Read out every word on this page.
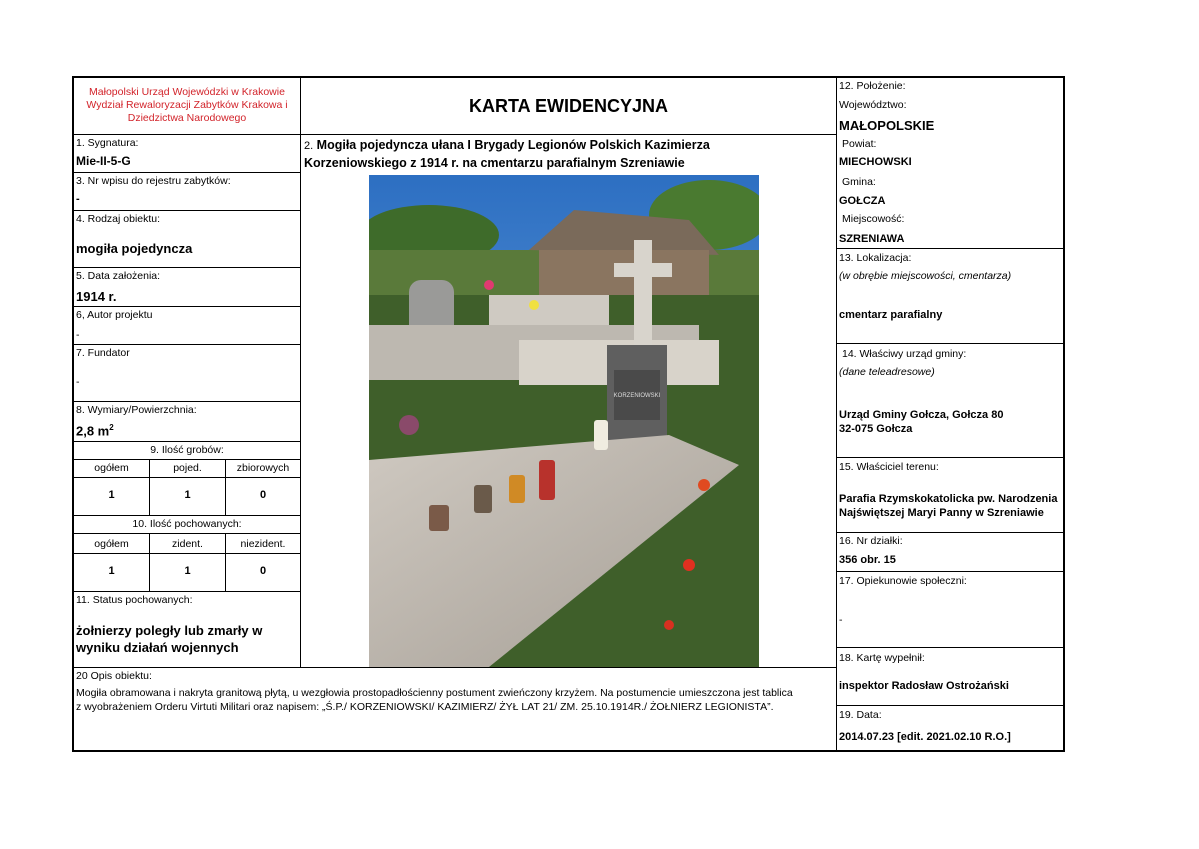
Małopolski Urząd Wojewódzki w Krakowie
Wydział Rewaloryzacji Zabytków Krakowa i
Dziedzictwa Narodowego
KARTA EWIDENCYJNA
1. Sygnatura:
Mie-II-5-G
3. Nr wpisu do rejestru zabytków:
-
4. Rodzaj obiektu:
mogiła pojedyncza
5. Data założenia:
1914 r.
6, Autor projektu
-
7. Fundator
-
8. Wymiary/Powierzchnia:
2,8 $m^2$
9. Ilość grobów:
ogółem	pojed.	zbiorowych
1	1	0
10. Ilość pochowanych:
ogółem	zident.	niezident.
1	1	0
11. Status pochowanych:
żołnierzy poległy lub zmarły w
wyniku działań wojennych
2. Mogiła pojedyncza ułana I Brygady Legionów Polskich Kazimierza
Korzeniowskiego z 1914 r. na cmentarzu parafialnym Szreniawie
KORZENIOWSKI
20 Opis obiektu:
Mogiła obramowana i nakryta granitową płytą, u wezgłowia prostopadłościenny postument zwieńczony krzyżem. Na postumencie umieszczona jest tablica
z wyobrażeniem Orderu Virtuti Militari oraz napisem: „Ś.P./ KORZENIOWSKI/ KAZIMIERZ/ ŻYŁ LAT 21/ ZM. 25.10.1914R./ ŻOŁNIERZ LEGIONISTA”.
12. Położenie:
Województwo:
MAŁOPOLSKIE
Powiat:
MIECHOWSKI
Gmina:
GOŁCZA
Miejscowość:
SZRENIAWA
13. Lokalizacja:
(w obrębie miejscowości, cmentarza)
cmentarz parafialny
14. Właściwy urząd gminy:
(dane teleadresowe)
Urząd Gminy Gołcza, Gołcza 80
32-075 Gołcza
15. Właściciel terenu:
Parafia Rzymskokatolicka pw. Narodzenia
Najświętszej Maryi Panny w Szreniawie
16. Nr działki:
356 obr. 15
17. Opiekunowie społeczni:
-
18. Kartę wypełnił:
inspektor Radosław Ostrożański
19. Data:
2014.07.23 [edit. 2021.02.10 R.O.]
